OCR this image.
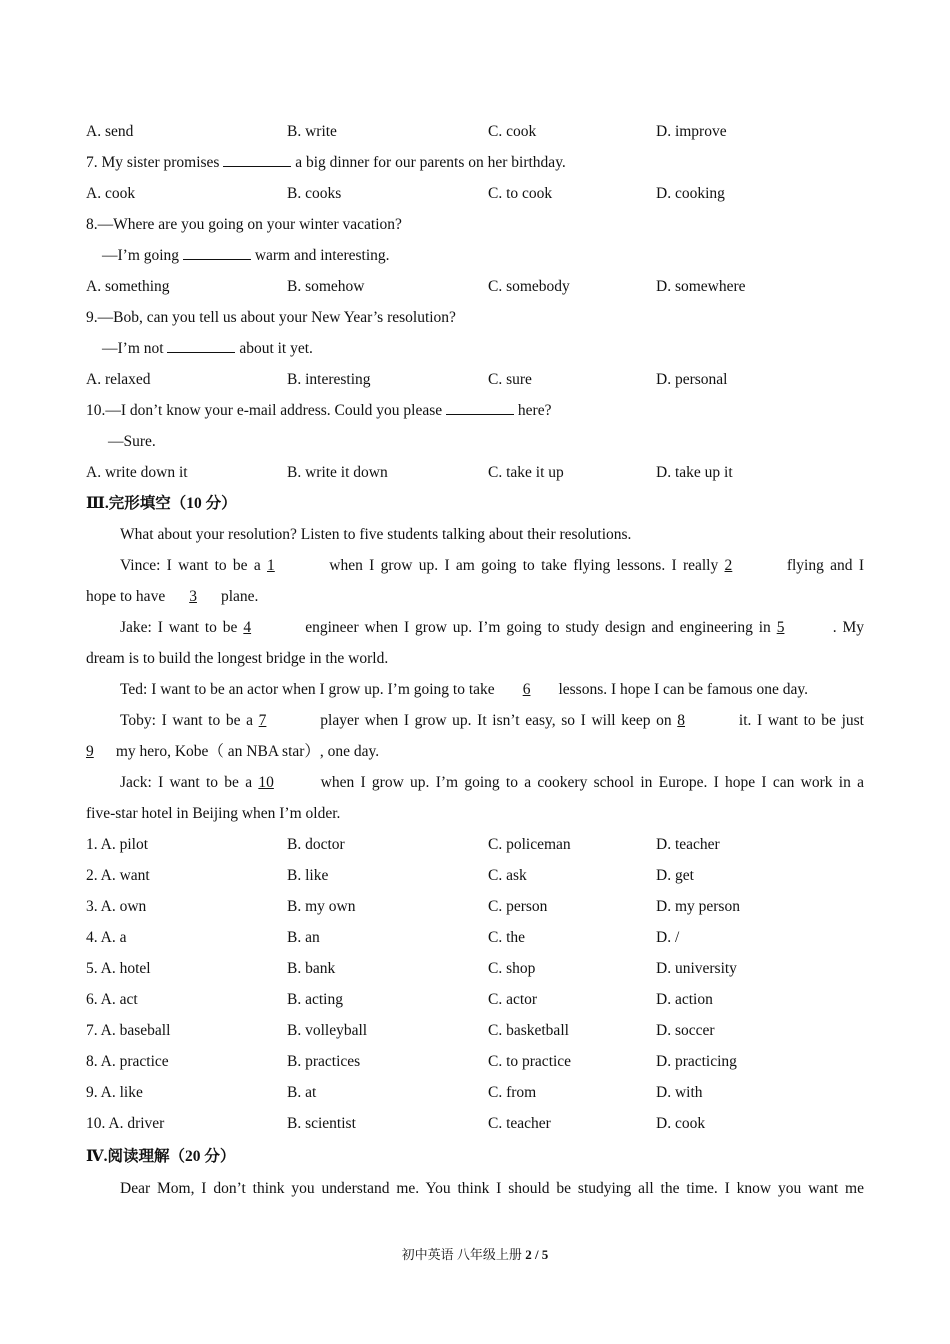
A. send	B. write	C. cook	D. improve
7. My sister promises	a big dinner for our parents on her birthday.
A. cook	B. cooks	C. to cook	D. cooking
8.—Where are you going on your winter vacation?
—I’m going	warm and interesting.
A. something	B. somehow	C. somebody	D. somewhere
9.—Bob, can you tell us about your New Year’s resolution?
—I’m not	about it yet.
A. relaxed	B. interesting	C. sure	D. personal
10.—I don’t know your e-mail address. Could you please	here?
—Sure.
A. write down it	B. write it down	C. take it up	D. take up it
Ⅲ.完形填空（10 分）
What about your resolution? Listen to five students talking about their resolutions.
Vince: I want to be a 1	when I grow up. I am going to take flying lessons. I really 2	flying and I
hope to have 3 plane.
Jake: I want to be 4	engineer when I grow up. I’m going to study design and engineering in 5	. My
dream is to build the longest bridge in the world.
Ted: I want to be an actor when I grow up. I’m going to take 6 lessons. I hope I can be famous one day.
Toby: I want to be a 7	player when I grow up. It isn’t easy, so I will keep on 8	it. I want to be just
9 my hero, Kobe（ an NBA star）, one day.
Jack: I want to be a 10	when I grow up. I’m going to a cookery school in Europe. I hope I can work in a
five-star hotel in Beijing when I’m older.
1. A. pilot	B. doctor	C. policeman	D. teacher
2. A. want	B. like	C. ask	D. get
3. A. own	B. my own	C. person	D. my person
4. A. a	B. an	C. the	D. /
5. A. hotel	B. bank	C. shop	D. university
6. A. act	B. acting	C. actor	D. action
7. A. baseball	B. volleyball	C. basketball	D. soccer
8. A. practice	B. practices	C. to practice	D. practicing
9. A. like	B. at	C. from	D. with
10. A. driver	B. scientist	C. teacher	D. cook
Ⅳ.阅读理解（20 分）
Dear Mom, I don’t think you understand me. You think I should be studying all the time. I know you want me
初中英语 八年级上册 2 / 5
